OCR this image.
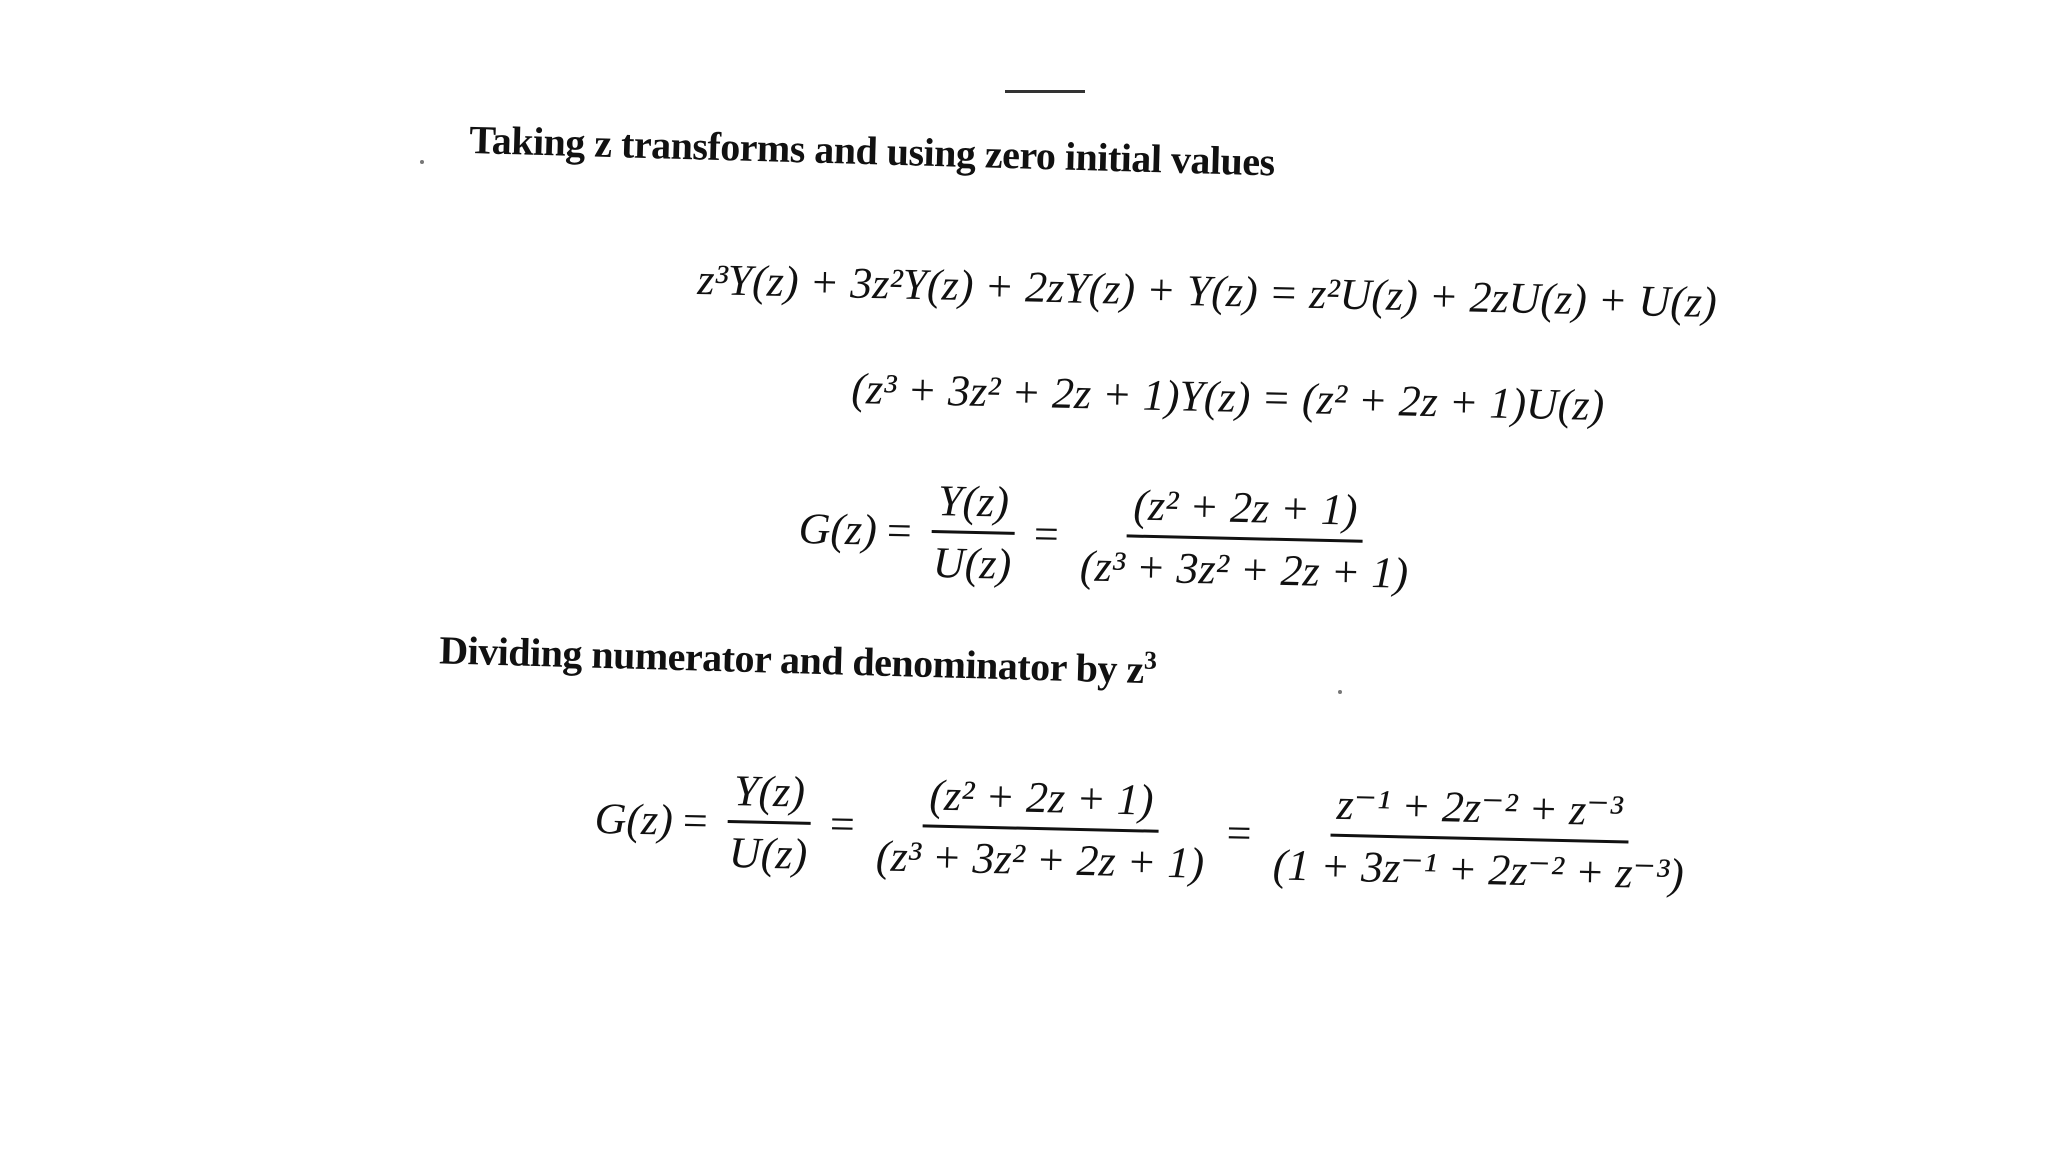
Taking z transforms and using zero initial values
z³Y(z) + 3z²Y(z) + 2zY(z) + Y(z) = z²U(z) + 2zU(z) + U(z)
(z³ + 3z² + 2z + 1)Y(z) = (z² + 2z + 1)U(z)
$G(z) = \frac{Y(z)}{U(z)} = \frac{\text{(z² + 2z + 1)}}{\text{(z³ + 3z² + 2z + 1)}}$
Dividing numerator and denominator by $z^3$
$G(z) = \frac{Y(z)}{U(z)} = \frac{\text{(z² + 2z + 1)}}{\text{(z³ + 3z² + 2z + 1)}} = \frac{\text{z⁻¹ + 2z⁻² + z⁻³}}{\text{(1 + 3z⁻¹ + 2z⁻² + z⁻³)}}$
